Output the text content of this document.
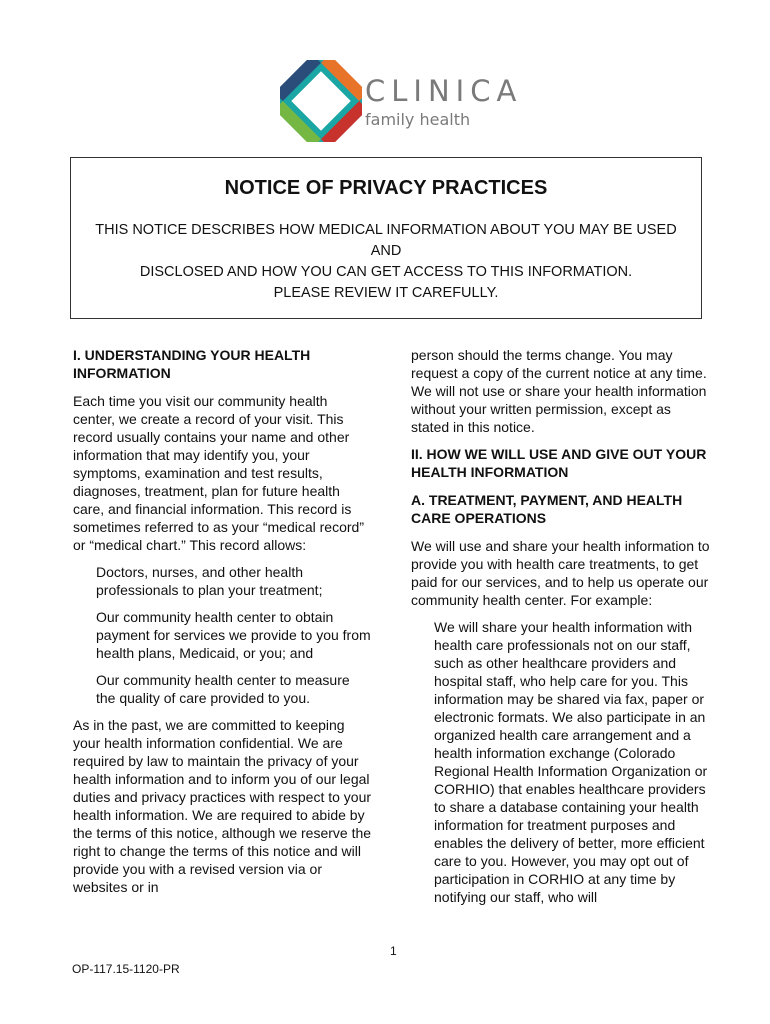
CLINICA
family health
NOTICE OF PRIVACY PRACTICES
THIS NOTICE DESCRIBES HOW MEDICAL INFORMATION ABOUT YOU MAY BE USED
AND
DISCLOSED AND HOW YOU CAN GET ACCESS TO THIS INFORMATION.
PLEASE REVIEW IT CAREFULLY.
I. UNDERSTANDING YOUR HEALTH INFORMATION

Each time you visit our community health center, we create a record of your visit. This record usually contains your name and other information that may identify you, your symptoms, examination and test results, diagnoses, treatment, plan for future health care, and financial information. This record is sometimes referred to as your “medical record” or “medical chart.” This record allows:

Doctors, nurses, and other health professionals to plan your treatment;

Our community health center to obtain payment for services we provide to you from health plans, Medicaid, or you; and

Our community health center to measure the quality of care provided to you.

As in the past, we are committed to keeping your health information confidential. We are required by law to maintain the privacy of your health information and to inform you of our legal duties and privacy practices with respect to your health information. We are required to abide by the terms of this notice, although we reserve the right to change the terms of this notice and will provide you with a revised version via or websites or in

person should the terms change. You may request a copy of the current notice at any time. We will not use or share your health information without your written permission, except as stated in this notice.

II. HOW WE WILL USE AND GIVE OUT YOUR HEALTH INFORMATION
A. TREATMENT, PAYMENT, AND HEALTH CARE OPERATIONS

We will use and share your health information to provide you with health care treatments, to get paid for our services, and to help us operate our community health center. For example:

We will share your health information with health care professionals not on our staff, such as other healthcare providers and hospital staff, who help care for you. This information may be shared via fax, paper or electronic formats. We also participate in an organized health care arrangement and a health information exchange (Colorado Regional Health Information Organization or CORHIO) that enables healthcare providers to share a database containing your health information for treatment purposes and enables the delivery of better, more efficient care to you. However, you may opt out of participation in CORHIO at any time by notifying our staff, who will

1
OP-117.15-1120-PR
